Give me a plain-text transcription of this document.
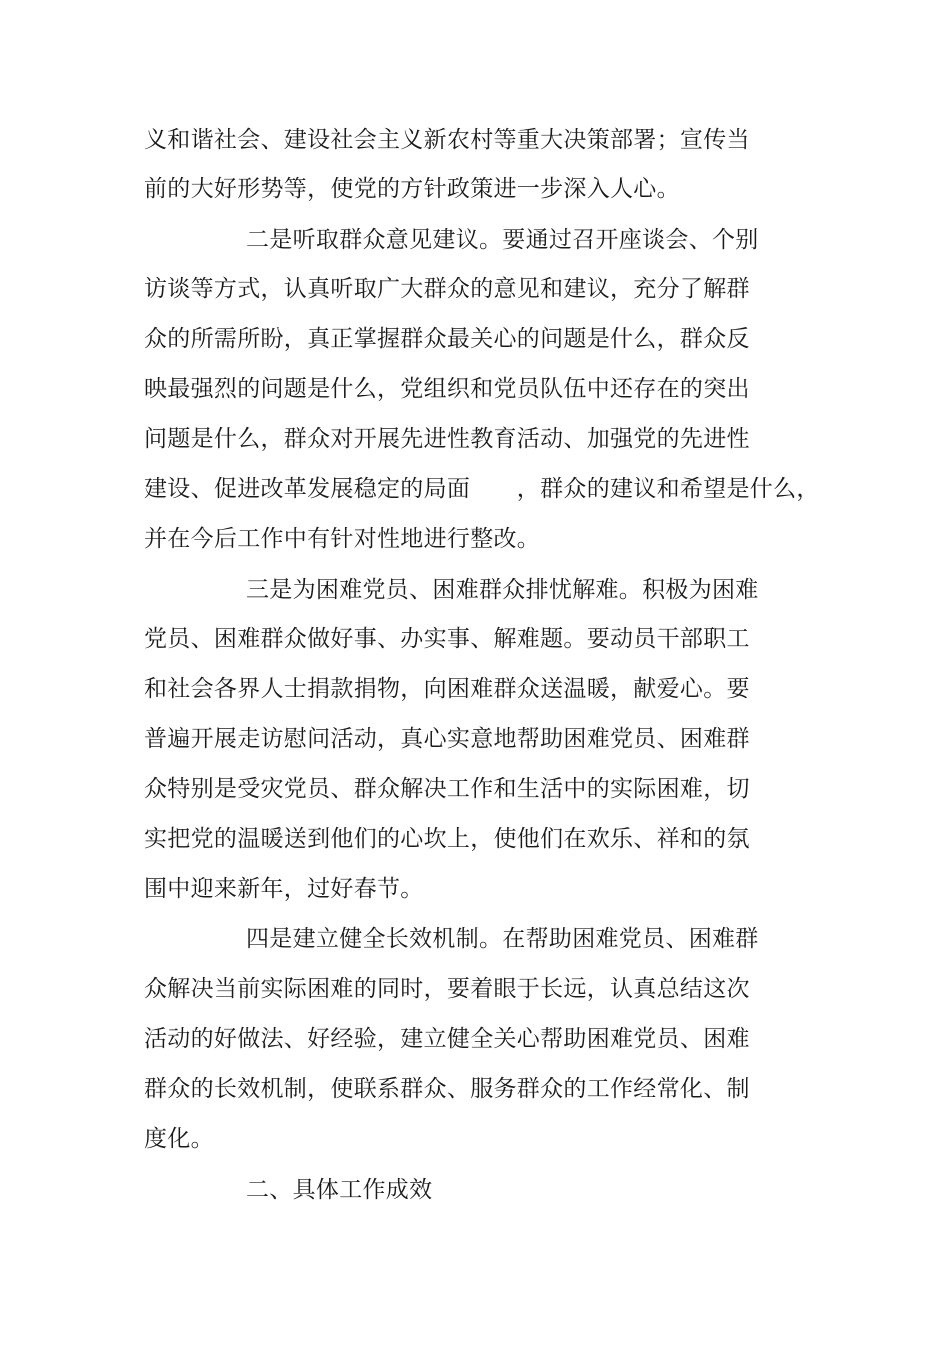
义和谐社会、建设社会主义新农村等重大决策部署；宣传当
前的大好形势等，使党的方针政策进一步深入人心。
二是听取群众意见建议。要通过召开座谈会、个别
访谈等方式，认真听取广大群众的意见和建议，充分了解群
众的所需所盼，真正掌握群众最关心的问题是什么，群众反
映最强烈的问题是什么，党组织和党员队伍中还存在的突出
问题是什么，群众对开展先进性教育活动、加强党的先进性
建设、促进改革发展稳定的局面　　，群众的建议和希望是什么，
并在今后工作中有针对性地进行整改。
三是为困难党员、困难群众排忧解难。积极为困难
党员、困难群众做好事、办实事、解难题。要动员干部职工
和社会各界人士捐款捐物，向困难群众送温暖，献爱心。要
普遍开展走访慰问活动，真心实意地帮助困难党员、困难群
众特别是受灾党员、群众解决工作和生活中的实际困难，切
实把党的温暖送到他们的心坎上，使他们在欢乐、祥和的氛
围中迎来新年，过好春节。
四是建立健全长效机制。在帮助困难党员、困难群
众解决当前实际困难的同时，要着眼于长远，认真总结这次
活动的好做法、好经验，建立健全关心帮助困难党员、困难
群众的长效机制，使联系群众、服务群众的工作经常化、制
度化。
二、具体工作成效
